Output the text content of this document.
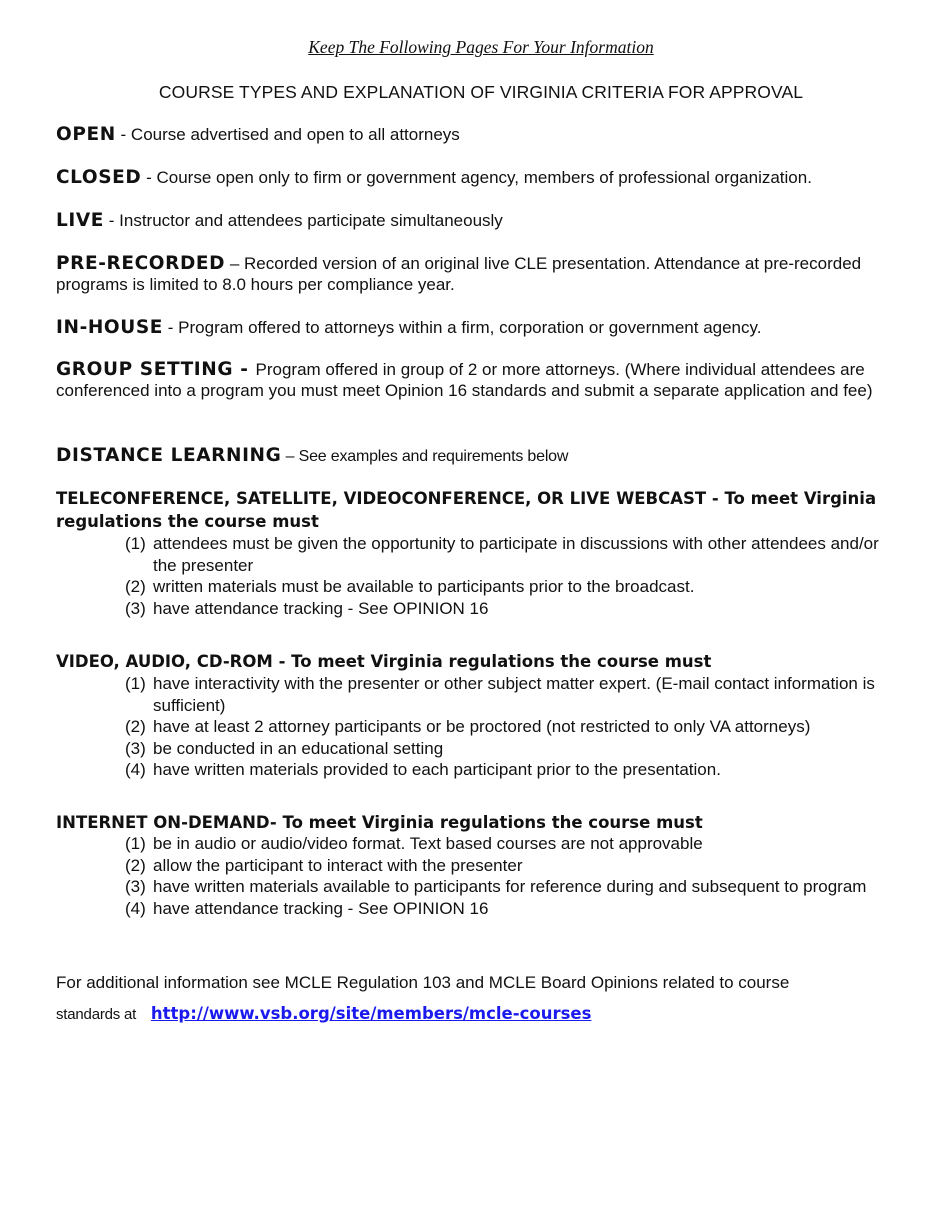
Keep The Following Pages For Your Information
COURSE TYPES AND EXPLANATION OF VIRGINIA CRITERIA FOR APPROVAL
OPEN - Course advertised and open to all attorneys
CLOSED - Course open only to firm or government agency, members of professional organization.
LIVE - Instructor and attendees participate simultaneously
PRE-RECORDED – Recorded version of an original live CLE presentation. Attendance at pre-recorded programs is limited to 8.0 hours per compliance year.
IN-HOUSE - Program offered to attorneys within a firm, corporation or government agency.
GROUP SETTING - Program offered in group of 2 or more attorneys. (Where individual attendees are conferenced into a program you must meet Opinion 16 standards and submit a separate application and fee)
DISTANCE LEARNING – See examples and requirements below
TELECONFERENCE, SATELLITE, VIDEOCONFERENCE, OR LIVE WEBCAST - To meet Virginia regulations the course must
(1) attendees must be given the opportunity to participate in discussions with other attendees and/or the presenter
(2) written materials must be available to participants prior to the broadcast.
(3) have attendance tracking - See OPINION 16
VIDEO, AUDIO, CD-ROM - To meet Virginia regulations the course must
(1) have interactivity with the presenter or other subject matter expert. (E-mail contact information is sufficient)
(2) have at least 2 attorney participants or be proctored (not restricted to only VA attorneys)
(3) be conducted in an educational setting
(4) have written materials provided to each participant prior to the presentation.
INTERNET ON-DEMAND- To meet Virginia regulations the course must
(1) be in audio or audio/video format. Text based courses are not approvable
(2) allow the participant to interact with the presenter
(3) have written materials available to participants for reference during and subsequent to program
(4) have attendance tracking - See OPINION 16
For additional information see MCLE Regulation 103 and MCLE Board Opinions related to course
standards at http://www.vsb.org/site/members/mcle-courses
